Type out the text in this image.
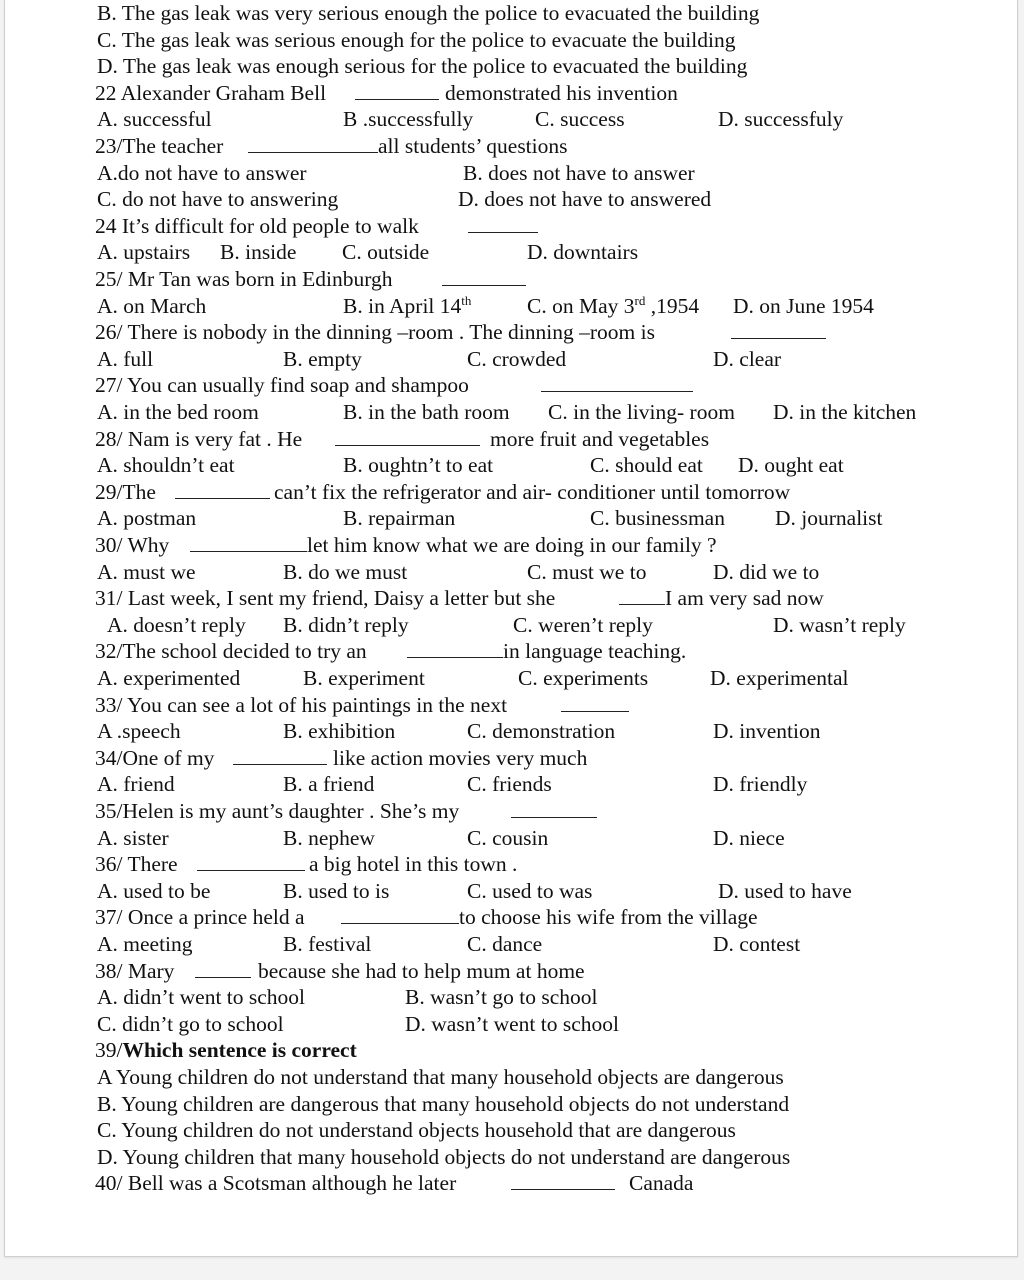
B. The gas leak was very serious enough the police to evacuated the building
C. The gas leak was serious enough for the police to evacuate the building
D. The gas leak was enough serious for the police to evacuated the building
22 Alexander Graham Bell	demonstrated his invention
A. successful	B .successfully	C. success	D. successfuly
23/The teacher	all students’ questions
A.do not have to answer	B. does not have to answer
C. do not have to answering	D. does not have to answered
24 It’s difficult for old people to walk
A. upstairs B. inside C. outside	D. downtairs
25/ Mr Tan was born in Edinburgh
A. on March	B. in April 14th	C. on May 3rd ,1954 D. on June 1954
26/ There is nobody in the dinning –room . The dinning –room is
A. full	B. empty	C. crowded	D. clear
27/ You can usually find soap and shampoo
A. in the bed room	B. in the bath room C. in the living- room D. in the kitchen
28/ Nam is very fat . He	more fruit and vegetables
A. shouldn’t eat	B. oughtn’t to eat	C. should eat D. ought eat
29/The	can’t fix the refrigerator and air- conditioner until tomorrow
A. postman	B. repairman	C. businessman D. journalist
30/ Why	let him know what we are doing in our family ?
A. must we	B. do we must	C. must we to	D. did we to
31/ Last week, I sent my friend, Daisy a letter but she	I am very sad now
A. doesn’t reply B. didn’t reply	C. weren’t reply	D. wasn’t reply
32/The school decided to try an	in language teaching.
A. experimented	B. experiment	C. experiments	D. experimental
33/ You can see a lot of his paintings in the next
A .speech	B. exhibition	C. demonstration	D. invention
34/One of my	like action movies very much
A. friend	B. a friend	C. friends	D. friendly
35/Helen is my aunt’s daughter . She’s my
A. sister	B. nephew	C. cousin	D. niece
36/ There	a big hotel in this town .
A. used to be	B. used to is	C. used to was	D. used to have
37/ Once a prince held a	to choose his wife from the village
A. meeting	B. festival	C. dance	D. contest
38/ Mary	because she had to help mum at home
A. didn’t went to school	B. wasn’t go to school
C. didn’t go to school	D. wasn’t went to school
39/Which sentence is correct
A Young children do not understand that many household objects are dangerous
B. Young children are dangerous that many household objects do not understand
C. Young children do not understand objects household that are dangerous
D. Young children that many household objects do not understand are dangerous
40/ Bell was a Scotsman although he later	Canada
